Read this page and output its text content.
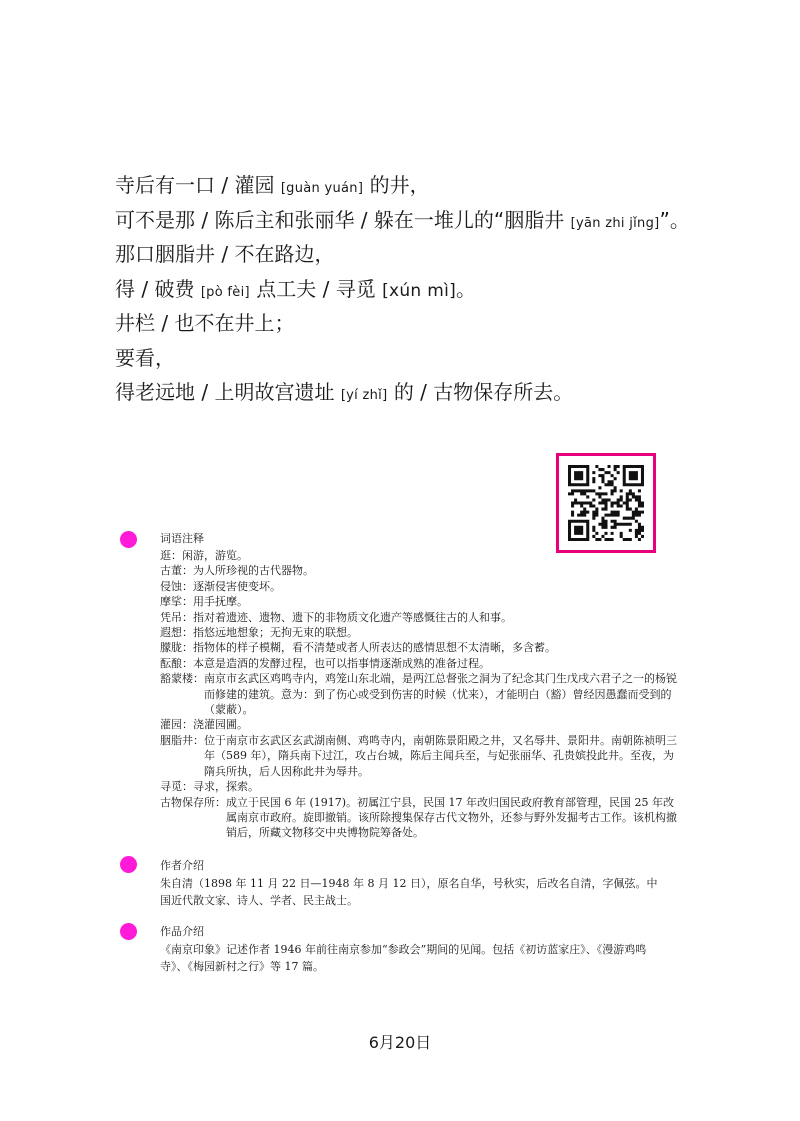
寺后有一口 / 灌园 [guàn yuán] 的井，
可不是那 / 陈后主和张丽华 / 躲在一堆儿的“胭脂井 [yān zhi jǐng]”。
那口胭脂井 / 不在路边，
得 / 破费 [pò fèi] 点工夫 / 寻觅 [xún mì]。
井栏 / 也不在井上；
要看，
得老远地 / 上明故宫遗址 [yí zhǐ] 的 / 古物保存所去。
词语注释
逛： 闲游，游览。
古董： 为人所珍视的古代器物。
侵蚀： 逐渐侵害使变坏。
摩挲： 用手抚摩。
凭吊： 指对着遗迹、遗物、遗下的非物质文化遗产等感慨往古的人和事。
遐想： 指悠远地想象；无拘无束的联想。
朦胧： 指物体的样子模糊，看不清楚或者人所表达的感情思想不太清晰，多含蓄。
酝酿： 本意是造酒的发酵过程，也可以指事情逐渐成熟的准备过程。
豁蒙楼： 南京市玄武区鸡鸣寺内，鸡笼山东北端，是两江总督张之洞为了纪念其门生戊戌六君子之一的杨锐而修建的建筑。意为：到了伤心或受到伤害的时候（忧来），才能明白（豁）曾经因愚蠢而受到的（蒙蔽）。
灌园： 浇灌园圃。
胭脂井： 位于南京市玄武区玄武湖南侧、鸡鸣寺内，南朝陈景阳殿之井，又名辱井、景阳井。南朝陈祯明三年（589 年），隋兵南下过江，攻占台城，陈后主闻兵至，与妃张丽华、孔贵嫔投此井。至夜，为隋兵所执，后人因称此井为辱井。
寻觅： 寻求，探索。
古物保存所： 成立于民国 6 年 (1917)。初属江宁县，民国 17 年改归国民政府教育部管理，民国 25 年改属南京市政府。旋即撤销。该所除搜集保存古代文物外，还参与野外发掘考古工作。该机构撤销后，所藏文物移交中央博物院筹备处。
作者介绍
朱自清（1898 年 11 月 22 日—1948 年 8 月 12 日），原名自华，号秋实，后改名自清，字佩弦。中国近代散文家、诗人、学者、民主战士。
作品介绍
《南京印象》记述作者 1946 年前往南京参加“参政会”期间的见闻。包括《初访蓝家庄》、《漫游鸡鸣寺》、《梅园新村之行》等 17 篇。
6月20日
